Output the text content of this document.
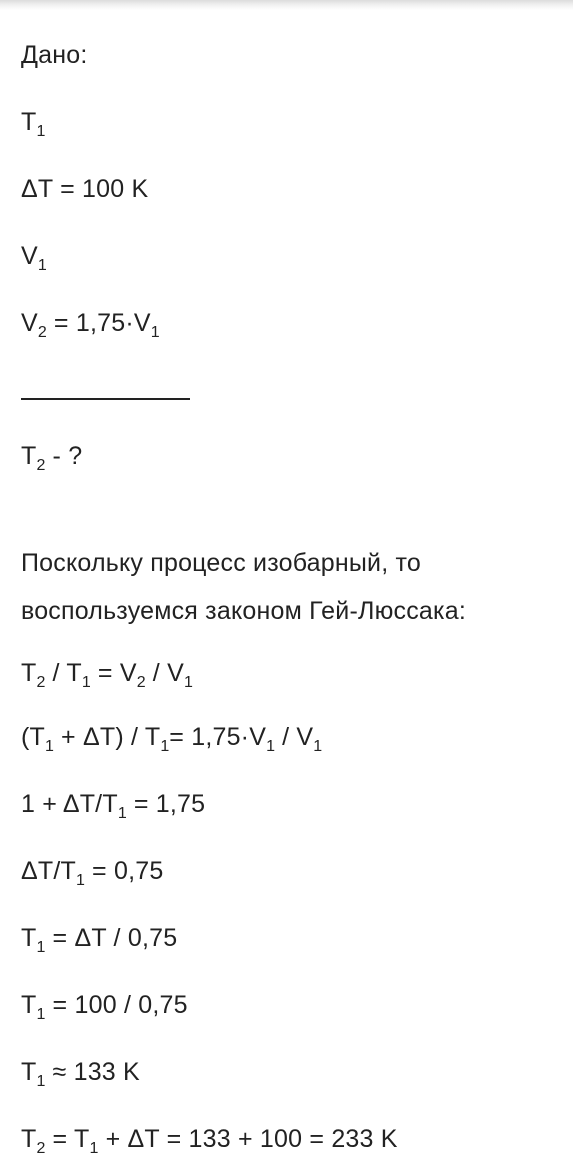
Дано:
$T_1$
ΔT = 100 K
$V_1$
$V_2 = 1,75\cdot V_1$
$T_2$ - ?
Поскольку процесс изобарный, то
воспользуемся законом Гей-Люссака:
$T_2 / T_1 = V_2 / V_1$
$(T_1 + \Delta T) / T_1= 1,75\cdot V_1 / V_1$
$1 + \Delta T/T_1 = 1,75$
$\Delta T/T_1 = 0,75$
$T_1 = \Delta T / 0,75$
$T_1 = 100 / 0,75$
$T_1 \approx 133$ K
$T_2 = T_1 + \Delta T = 133 + 100 = 233$ K
